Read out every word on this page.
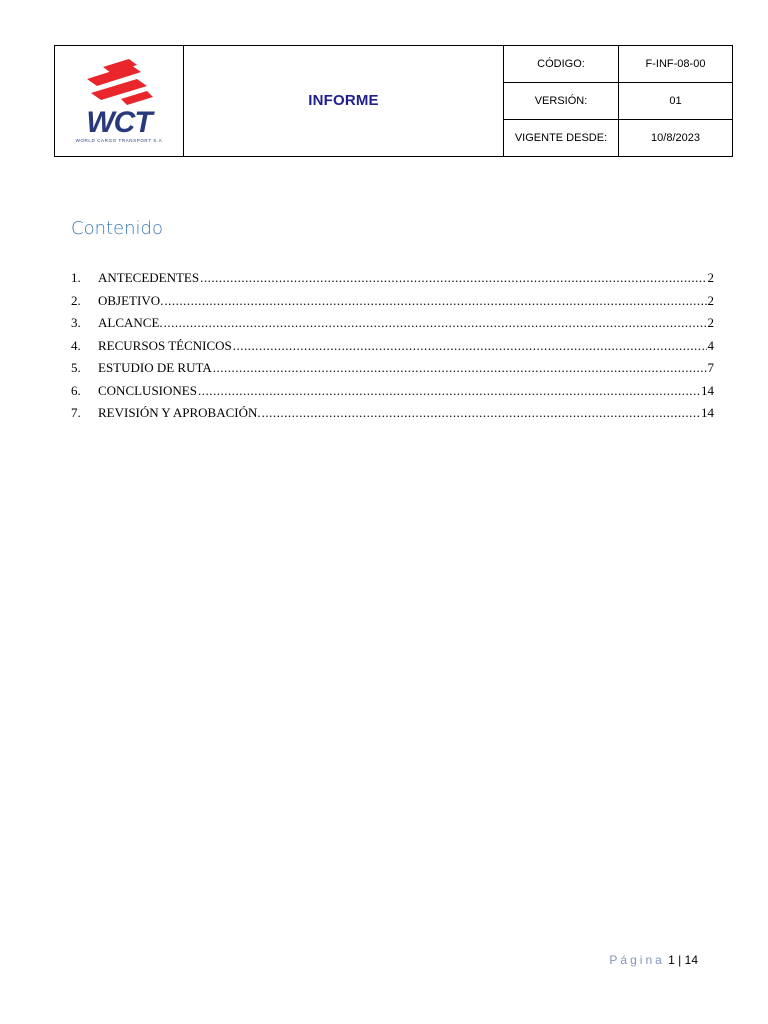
WCT
WORLD CARGO TRANSPORT S.A	INFORME	CÓDIGO:	F-INF-08-00
		VERSIÓN:	01
		VIGENTE DESDE:	10/8/2023
Contenido
1.	ANTECEDENTES .....	2
2.	OBJETIVO. .....	2
3.	ALCANCE. .....	2
4.	RECURSOS TÉCNICOS .....	4
5.	ESTUDIO DE RUTA .....	7
6.	CONCLUSIONES .....	14
7.	REVISIÓN Y APROBACIÓN. .....	14
Página 1 | 14
